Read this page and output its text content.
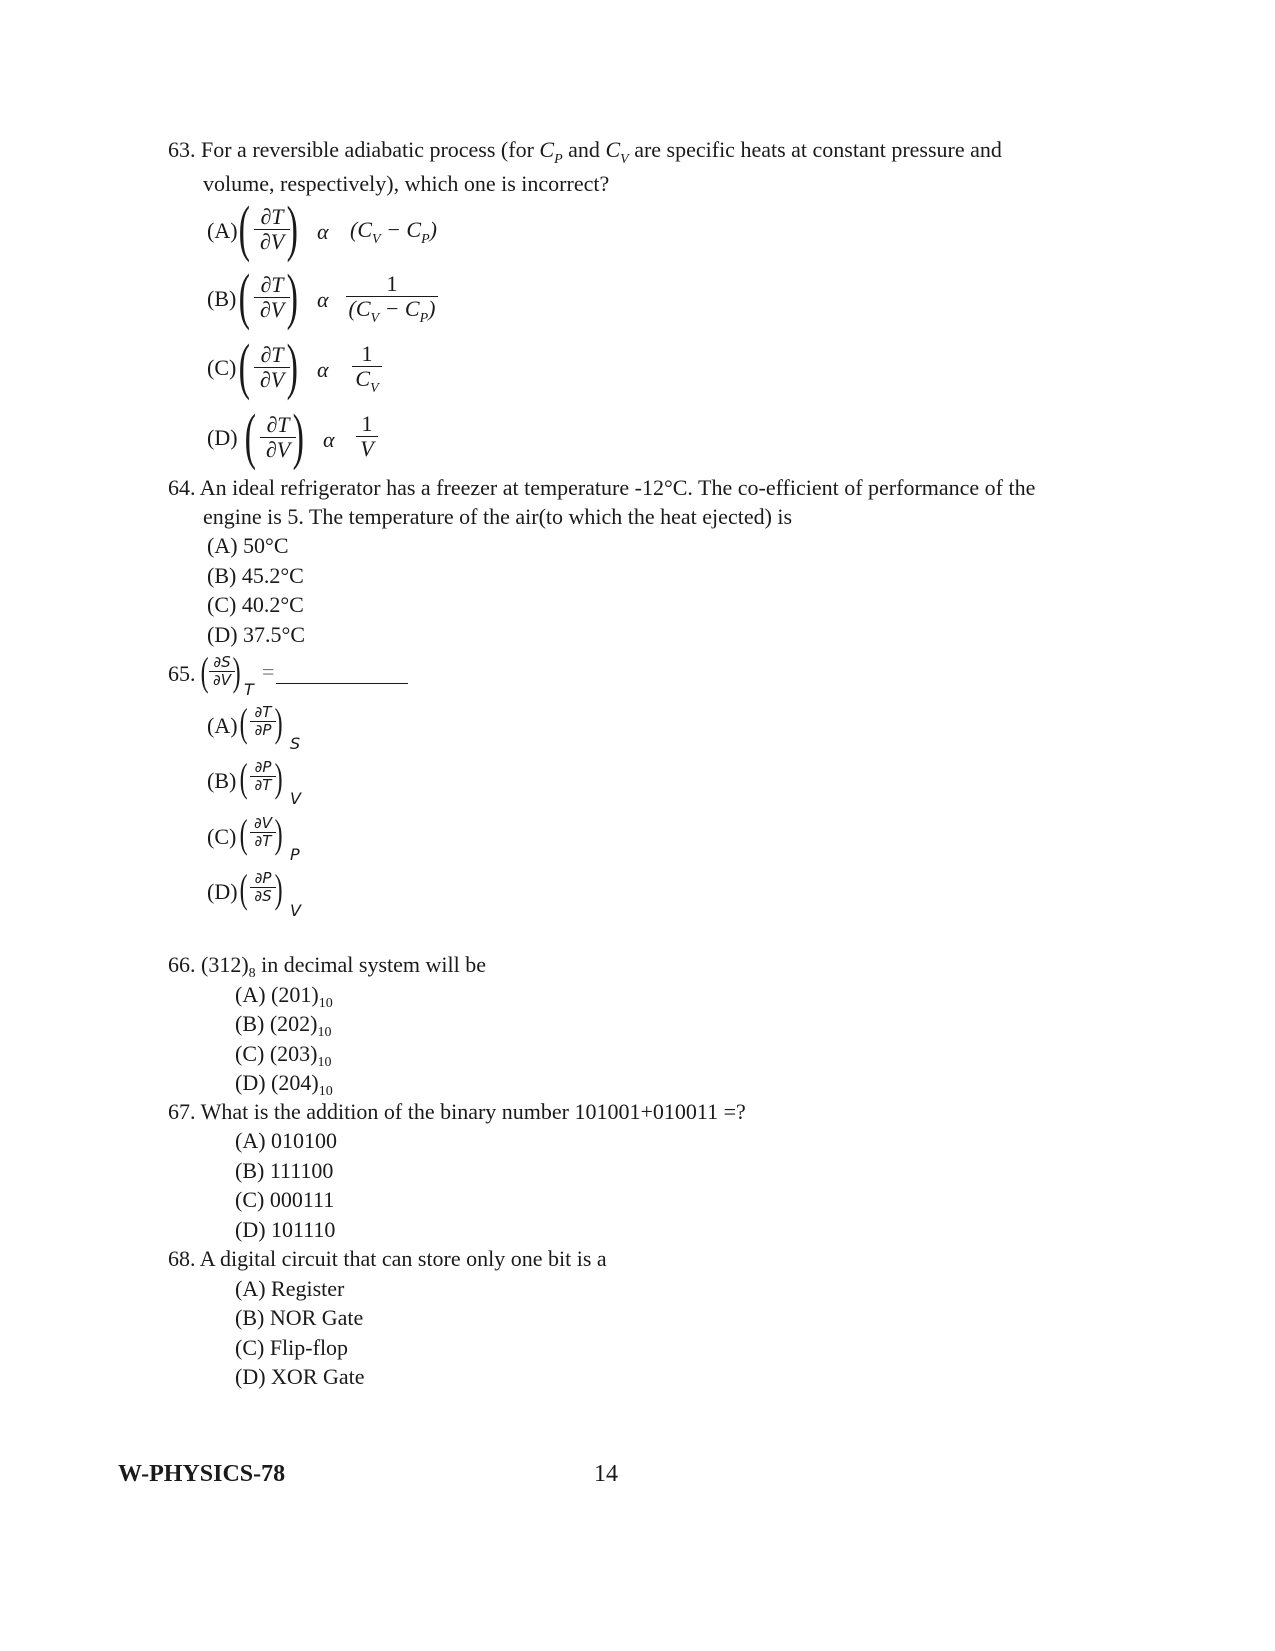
63. For a reversible adiabatic process (for $C_P$ and $C_V$ are specific heats at constant pressure and
volume, respectively), which one is incorrect?
(A) ( ∂T
∂V ) α $(C_V - C_P)$
(B) ( ∂T
∂V ) α
1
$(C_V - C_P)$
(C) ( ∂T
∂V ) α
1
$C_V$
(D) ( ∂T
∂V ) α
1
V
64. An ideal refrigerator has a freezer at temperature -12°C. The co-efficient of performance of the
engine is 5. The temperature of the air(to which the heat ejected) is
(A) 50°C
(B) 45.2°C
(C) 40.2°C
(D) 37.5°C
65. ( ∂S
∂V ) T
=
(A) ( ∂T
∂P ) S
(B) ( ∂P
∂T ) V
(C) ( ∂V
∂T ) P
(D) ( ∂P
∂S ) V
66. $(312)_8$ in decimal system will be
(A) $(201)_{10}$
(B) $(202)_{10}$
(C) $(203)_{10}$
(D) $(204)_{10}$
67. What is the addition of the binary number 101001+010011 =?
(A) 010100
(B) 111100
(C) 000111
(D) 101110
68. A digital circuit that can store only one bit is a
(A) Register
(B) NOR Gate
(C) Flip-flop
(D) XOR Gate
W-PHYSICS-78	14
